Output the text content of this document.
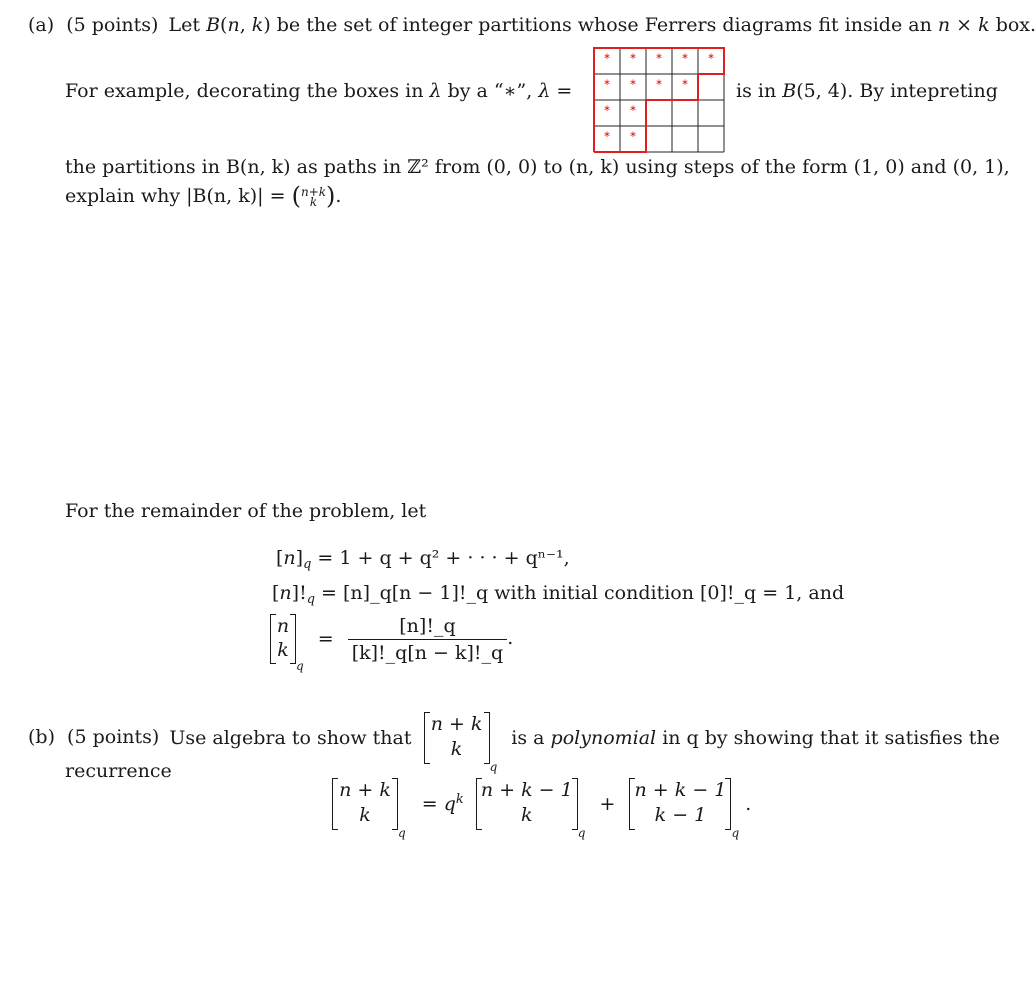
(a) (5 points) Let B(n, k) be the set of integer partitions whose Ferrers diagrams fit inside an n × k box.
For example, decorating the boxes in λ by a “∗”, λ =
∗ ∗ ∗ ∗ ∗
∗ ∗ ∗ ∗
∗ ∗
∗ ∗
is in B(5, 4). By intepreting
the partitions in B(n, k) as paths in ℤ² from (0, 0) to (n, k) using steps of the form (1, 0) and (0, 1),
explain why |B(n, k)| = ( n+k
k ).
For the remainder of the problem, let
$[n]_q = 1 + q + q^2$ + · · · + qⁿ⁻¹,
$[n]!_q$ = [n]_q[n − 1]!_q with initial condition [0]!_q = 1, and
n
k
$_q = \frac{[n]!\_q}{[k]!\_q[n - k]!\_q}$ .
(b) (5 points) Use algebra to show that
n + k
k
$_q$ is a polynomial in q by showing that it satisfies the
recurrence
n + k
k
$_q = q^k$ n + k − 1
k
$_q$ +
n + k − 1
k − 1
$_q$ .
